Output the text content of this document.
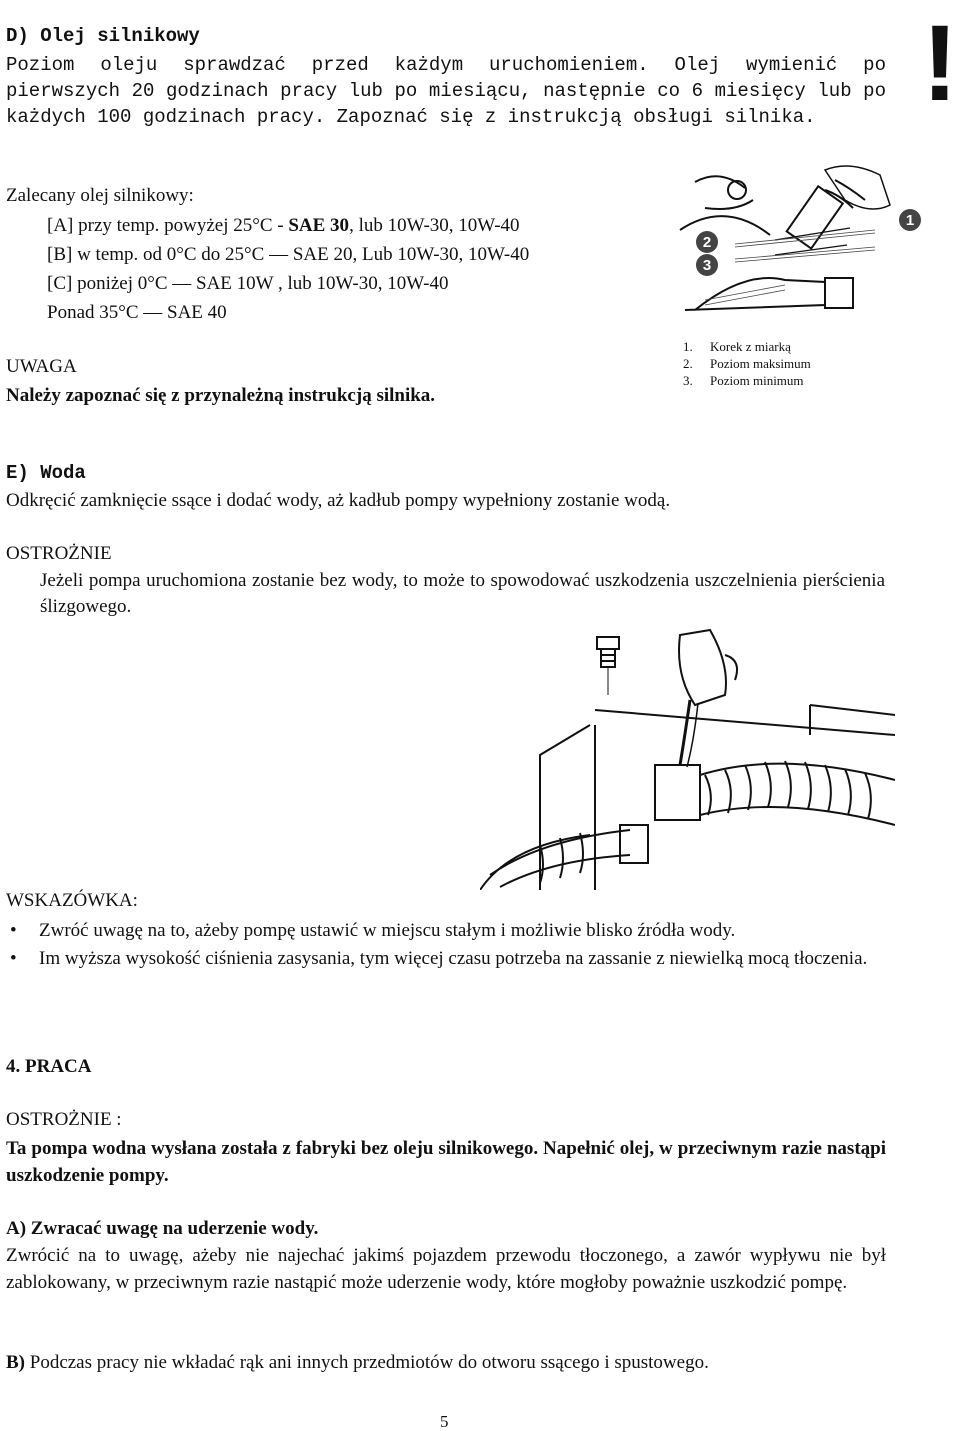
D) Olej silnikowy
Poziom oleju sprawdzać przed każdym uruchomieniem. Olej wymienić po pierwszych 20 godzinach pracy lub po miesiącu, następnie co 6 miesięcy lub po każdych 100 godzinach pracy. Zapoznać się z instrukcją obsługi silnika. !
Zalecany olej silnikowy:
[A] przy temp. powyżej 25°C - SAE 30, lub 10W-30, 10W-40
[B] w temp. od 0°C do 25°C — SAE 20, Lub 10W-30, 10W-40
[C] poniżej 0°C — SAE 10W , lub 10W-30, 10W-40
Ponad 35°C — SAE 40
UWAGA
Należy zapoznać się z przynależną instrukcją silnika.
1
2
3
1.	Korek z miarką
2.	Poziom maksimum
3.	Poziom minimum
E) Woda
Odkręcić zamknięcie ssące i dodać wody, aż kadłub pompy wypełniony zostanie wodą.
OSTROŻNIE
Jeżeli pompa uruchomiona zostanie bez wody, to może to spowodować uszkodzenia uszczelnienia pierścienia ślizgowego.
WSKAZÓWKA:
• Zwróć uwagę na to, ażeby pompę ustawić w miejscu stałym i możliwie blisko źródła wody.
• Im wyższa wysokość ciśnienia zasysania, tym więcej czasu potrzeba na zassanie z niewielką mocą tłoczenia.
4. PRACA
OSTROŻNIE :
Ta pompa wodna wysłana została z fabryki bez oleju silnikowego. Napełnić olej, w przeciwnym razie nastąpi uszkodzenie pompy.
A) Zwracać uwagę na uderzenie wody.
Zwrócić na to uwagę, ażeby nie najechać jakimś pojazdem przewodu tłoczonego, a zawór wypływu nie był zablokowany, w przeciwnym razie nastąpić może uderzenie wody, które mogłoby poważnie uszkodzić pompę.
B) Podczas pracy nie wkładać rąk ani innych przedmiotów do otworu ssącego i spustowego.
5
